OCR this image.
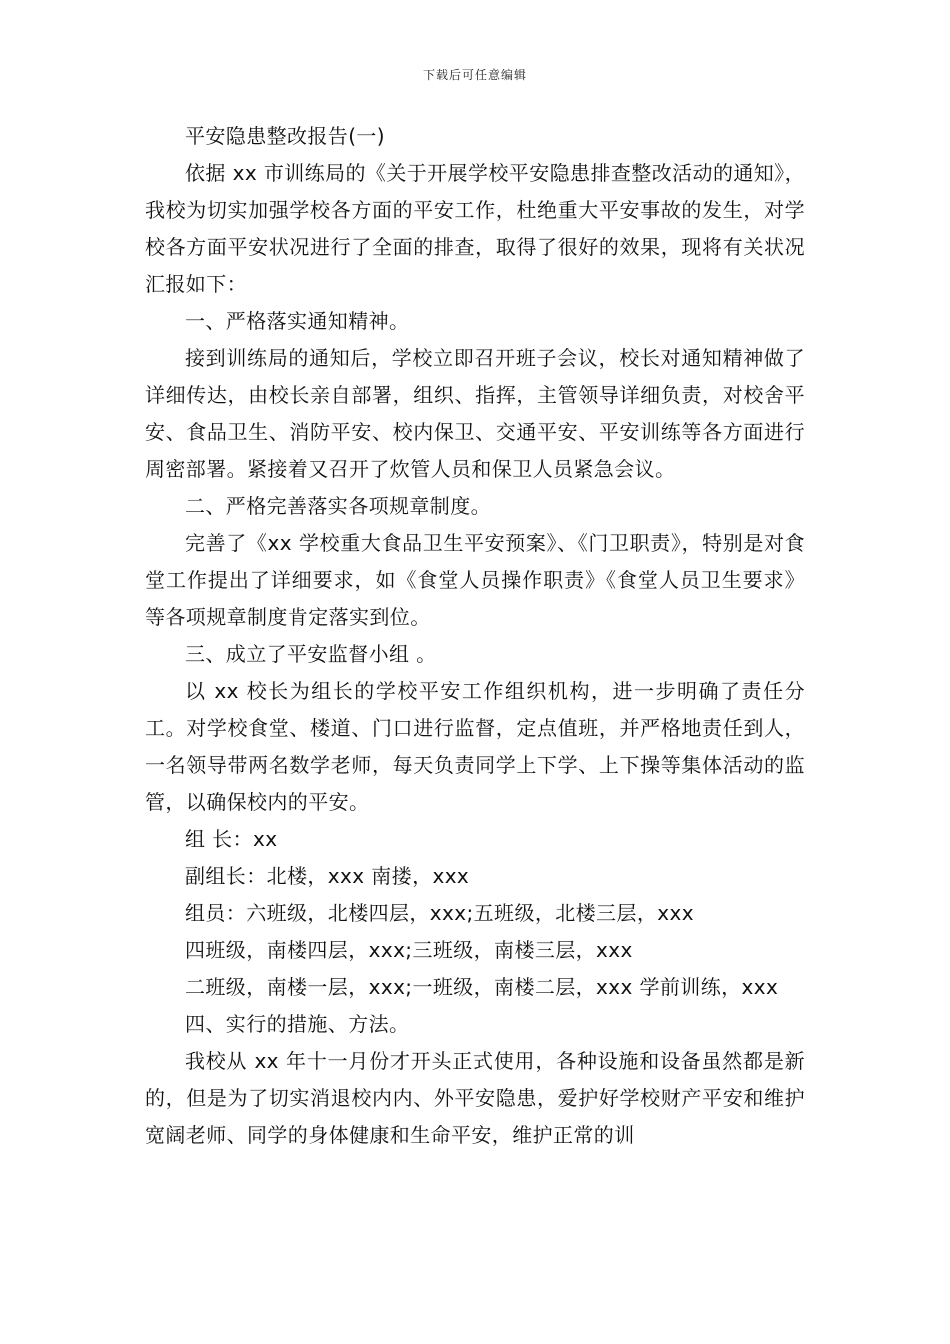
下载后可任意编辑

平安隐患整改报告(一)

依据 xx 市训练局的《关于开展学校平安隐患排查整改活动的通知》，我校为切实加强学校各方面的平安工作，杜绝重大平安事故的发生，对学校各方面平安状况进行了全面的排查，取得了很好的效果，现将有关状况汇报如下：

一、严格落实通知精神。

接到训练局的通知后，学校立即召开班子会议，校长对通知精神做了详细传达，由校长亲自部署，组织、指挥，主管领导详细负责，对校舍平安、食品卫生、消防平安、校内保卫、交通平安、平安训练等各方面进行周密部署。紧接着又召开了炊管人员和保卫人员紧急会议。

二、严格完善落实各项规章制度。

完善了《xx 学校重大食品卫生平安预案》、《门卫职责》，特别是对食堂工作提出了详细要求，如《食堂人员操作职责》《食堂人员卫生要求》等各项规章制度肯定落实到位。

三、成立了平安监督小组 。

以 xx 校长为组长的学校平安工作组织机构，进一步明确了责任分工。对学校食堂、楼道、门口进行监督，定点值班，并严格地责任到人，一名领导带两名数学老师，每天负责同学上下学、上下操等集体活动的监管，以确保校内的平安。

组 长：xx

副组长：北楼，xxx 南搂，xxx

组员：六班级，北楼四层，xxx;五班级，北楼三层，xxx

四班级，南楼四层，xxx;三班级，南楼三层，xxx

二班级，南楼一层，xxx;一班级，南楼二层，xxx 学前训练，xxx

四、实行的措施、方法。

我校从 xx 年十一月份才开头正式使用，各种设施和设备虽然都是新的，但是为了切实消退校内内、外平安隐患，爱护好学校财产平安和维护宽阔老师、同学的身体健康和生命平安，维护正常的训
